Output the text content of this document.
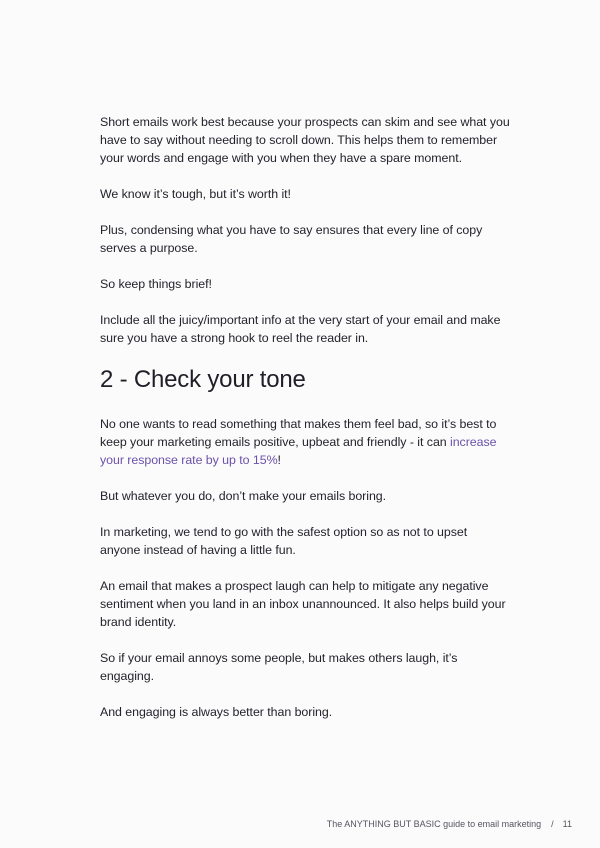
Short emails work best because your prospects can skim and see what you have to say without needing to scroll down. This helps them to remember your words and engage with you when they have a spare moment.

We know it’s tough, but it’s worth it!

Plus, condensing what you have to say ensures that every line of copy serves a purpose.

So keep things brief!

Include all the juicy/important info at the very start of your email and make sure you have a strong hook to reel the reader in.

2 - Check your tone

No one wants to read something that makes them feel bad, so it’s best to keep your marketing emails positive, upbeat and friendly - it can increase your response rate by up to 15%!

But whatever you do, don’t make your emails boring.

In marketing, we tend to go with the safest option so as not to upset anyone instead of having a little fun.

An email that makes a prospect laugh can help to mitigate any negative sentiment when you land in an inbox unannounced. It also helps build your brand identity.

So if your email annoys some people, but makes others laugh, it’s engaging.

And engaging is always better than boring.

The ANYTHING BUT BASIC guide to email marketing / 11
